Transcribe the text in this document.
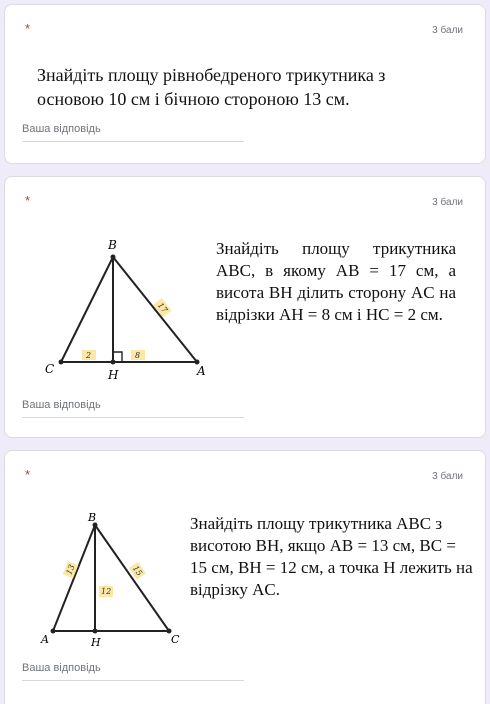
*	3 бали
Знайдіть площу рівнобедреного трикутника з основою 10 см і бічною стороною 13 см.
Ваша відповідь
*	3 бали
B
C	H	A
2	8
17
Знайдіть площу трикутника ABC, в якому AB = 17 см, а висота BH ділить сторону AC на відрізки AH = 8 см і HC = 2 см.
Ваша відповідь
*	3 бали
B
A	H	C
13
12
15
Знайдіть площу трикутника ABC з висотою BH, якщо AB = 13 см, BC = 15 см, BH = 12 см, а точка H лежить на відрізку AC.
Ваша відповідь
